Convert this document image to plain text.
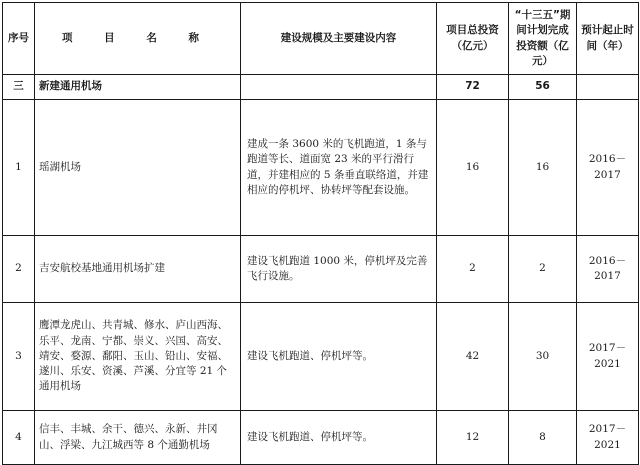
序号	项 目 名 称	建设规模及主要建设内容	项目总投资（亿元）	“十三五”期间计划完成投资额（亿元）	预计起止时间（年）
三	新建通用机场		72	56	
1	瑶湖机场	建成一条 3600 米的飞机跑道，1 条与跑道等长、道面宽 23 米的平行滑行道，并建相应的 5 条垂直联络道，并建相应的停机坪、协转坪等配套设施。	16	16	2016－2017
2	吉安航校基地通用机场扩建	建设飞机跑道 1000 米，停机坪及完善飞行设施。	2	2	2016－2017
3	鹰潭龙虎山、共青城、修水、庐山西海、乐平、龙南、宁都、崇义、兴国、高安、靖安、婺源、鄱阳、玉山、铅山、安福、遂川、乐安、资溪、芦溪、分宜等 21 个通用机场	建设飞机跑道、停机坪等。	42	30	2017－2021
4	信丰、丰城、余干、德兴、永新、井冈山、浮梁、九江城西等 8 个通勤机场	建设飞机跑道、停机坪等。	12	8	2017－2021
